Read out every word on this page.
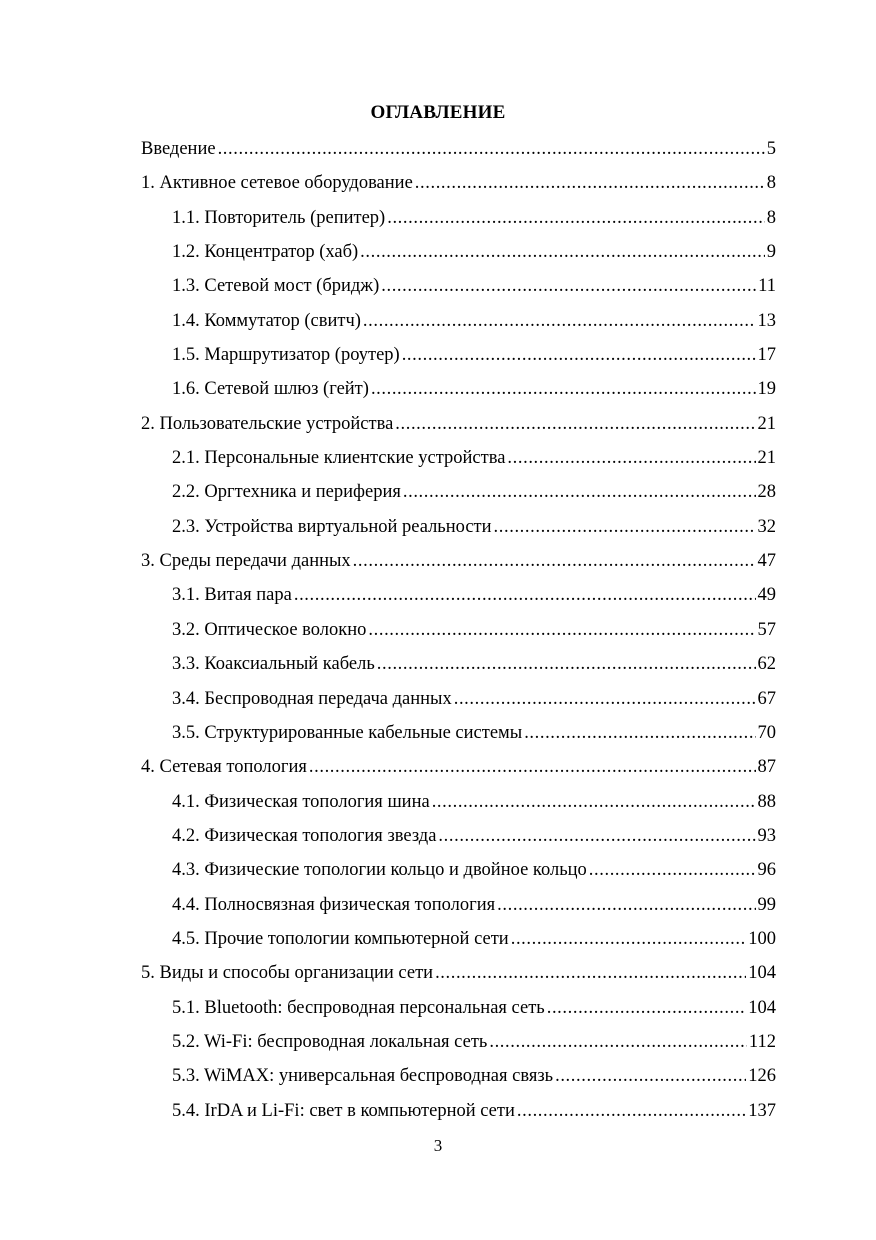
ОГЛАВЛЕНИЕ
Введение .....	5
1. Активное сетевое оборудование .....	8
1.1. Повторитель (репитер) .....	8
1.2. Концентратор (хаб) .....	9
1.3. Сетевой мост (бридж) .....	11
1.4. Коммутатор (свитч) .....	13
1.5. Маршрутизатор (роутер) .....	17
1.6. Сетевой шлюз (гейт) .....	19
2. Пользовательские устройства .....	21
2.1. Персональные клиентские устройства .....	21
2.2. Оргтехника и периферия .....	28
2.3. Устройства виртуальной реальности .....	32
3. Среды передачи данных .....	47
3.1. Витая пара .....	49
3.2. Оптическое волокно .....	57
3.3. Коаксиальный кабель .....	62
3.4. Беспроводная передача данных .....	67
3.5. Структурированные кабельные системы .....	70
4. Сетевая топология .....	87
4.1. Физическая топология шина .....	88
4.2. Физическая топология звезда .....	93
4.3. Физические топологии кольцо и двойное кольцо .....	96
4.4. Полносвязная физическая топология .....	99
4.5. Прочие топологии компьютерной сети .....	100
5. Виды и способы организации сети .....	104
5.1. Bluetooth: беспроводная персональная сеть .....	104
5.2. Wi-Fi: беспроводная локальная сеть .....	112
5.3. WiMAX: универсальная беспроводная связь .....	126
5.4. IrDA и Li-Fi: свет в компьютерной сети .....	137
3
